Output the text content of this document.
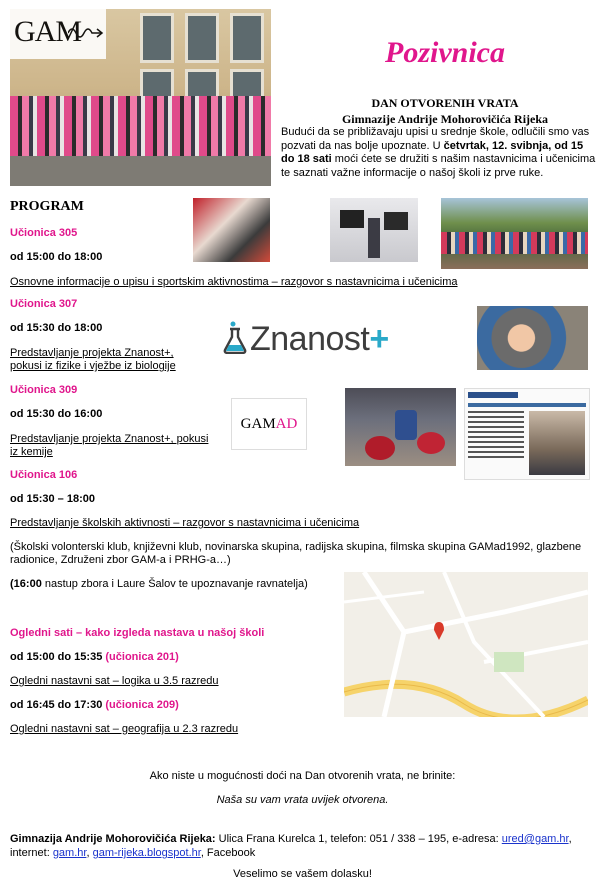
GAM
Pozivnica
DAN OTVORENIH VRATA
Gimnazije Andrije Mohorovičića Rijeka
Budući da se približavaju upisi u srednje škole, odlučili smo vas pozvati da nas bolje upoznate. U četvrtak, 12. svibnja, od 15 do 18 sati moći ćete se družiti s našim nastavnicima i učenicima te saznati važne informacije o našoj školi iz prve ruke.
PROGRAM
Učionica 305
od 15:00 do 18:00
Osnovne informacije o upisu i sportskim aktivnostima – razgovor s nastavnicima i učenicima
Učionica 307
od 15:30 do 18:00
Predstavljanje projekta Znanost+,
pokusi iz fizike i vježbe iz biologije
Učionica 309
od 15:30 do 16:00
Predstavljanje projekta Znanost+, pokusi
iz kemije
Učionica 106
od 15:30 – 18:00
Predstavljanje školskih aktivnosti – razgovor s nastavnicima i učenicima
(Školski volonterski klub, književni klub, novinarska skupina, radijska skupina, filmska skupina GAMad1992, glazbene
radionice, Združeni zbor GAM-a i PRHG-a…)
(16:00 nastup zbora i Laure Šalov te upoznavanje ravnatelja)
Ogledni sati – kako izgleda nastava u našoj školi
od 15:00 do 15:35 (učionica 201)
Ogledni nastavni sat – logika u 3.5 razredu
od 16:45 do 17:30 (učionica 209)
Ogledni nastavni sat – geografija u 2.3 razredu
Znanost+
GAMAD
Ako niste u mogućnosti doći na Dan otvorenih vrata, ne brinite:
Naša su vam vrata uvijek otvorena.
Gimnazija Andrije Mohorovičića Rijeka: Ulica Frana Kurelca 1, telefon: 051 / 338 – 195, e-adresa: ured@gam.hr,
internet: gam.hr, gam-rijeka.blogspot.hr, Facebook
Veselimo se vašem dolasku!
